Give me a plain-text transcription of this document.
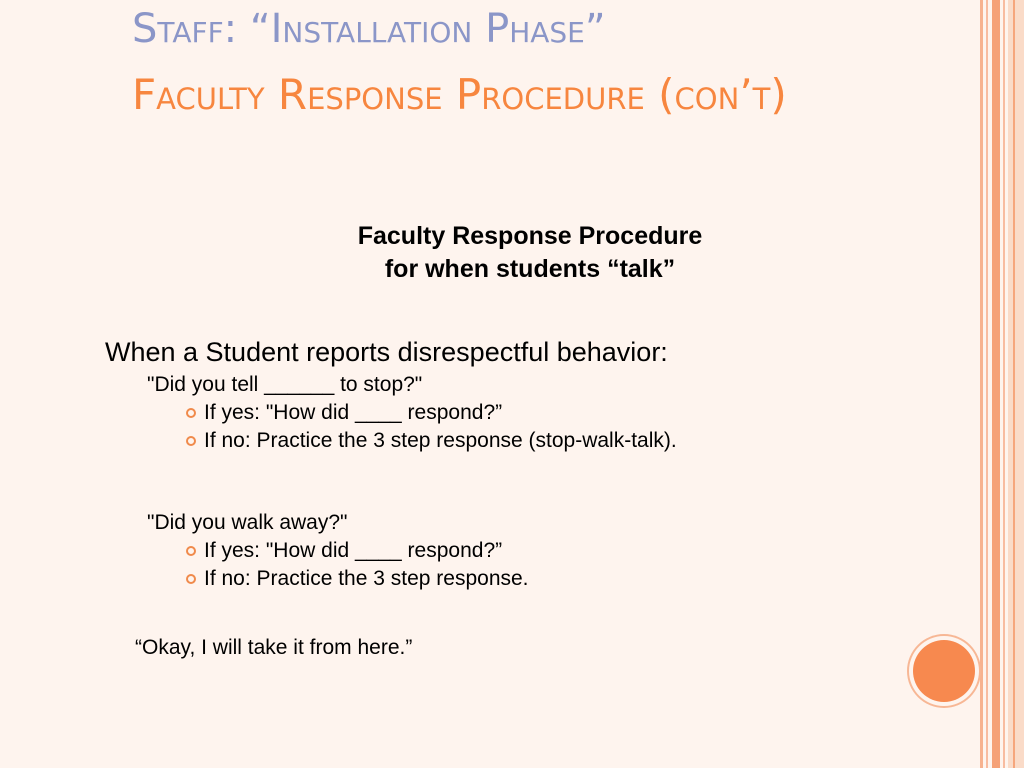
Staff: “Installation Phase”
Faculty Response Procedure (con’t)
Faculty Response Procedure
for when students “talk”
When a Student reports disrespectful behavior:
"Did you tell ______ to stop?"
If yes: "How did ____ respond?”
If no: Practice the 3 step response (stop-walk-talk).
"Did you walk away?"
If yes: "How did ____ respond?”
If no: Practice the 3 step response.
“Okay, I will take it from here.”
